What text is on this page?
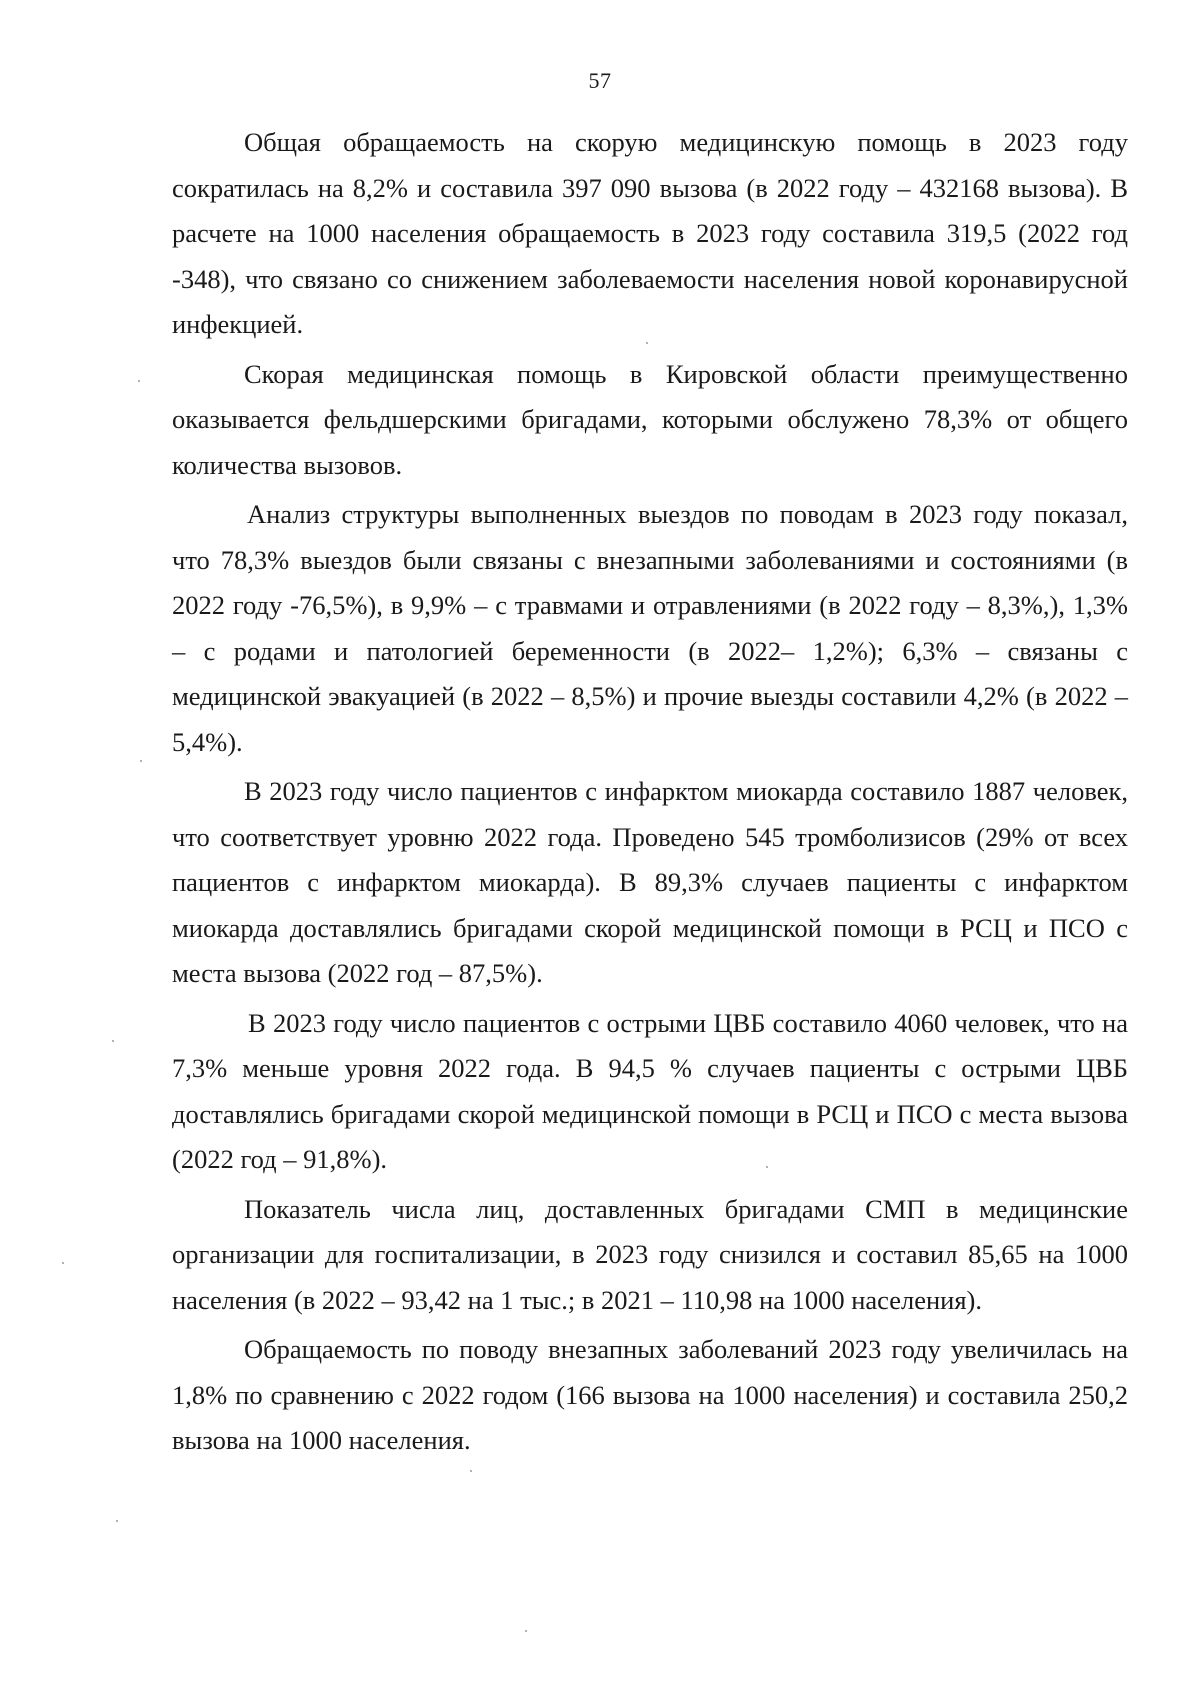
57

Общая обращаемость на скорую медицинскую помощь в 2023 году сократилась на 8,2% и составила 397 090 вызова (в 2022 году – 432168 вызова). В расчете на 1000 населения обращаемость в 2023 году составила 319,5 (2022 год -348), что связано со снижением заболеваемости населения новой коронавирусной инфекцией.

Скорая медицинская помощь в Кировской области преимущественно оказывается фельдшерскими бригадами, которыми обслужено 78,3% от общего количества вызовов.

Анализ структуры выполненных выездов по поводам в 2023 году показал, что 78,3% выездов были связаны с внезапными заболеваниями и состояниями (в 2022 году -76,5%), в 9,9% – с травмами и отравлениями (в 2022 году – 8,3%,), 1,3% – с родами и патологией беременности (в 2022– 1,2%); 6,3% – связаны с медицинской эвакуацией (в 2022 – 8,5%) и прочие выезды составили 4,2% (в 2022 – 5,4%).

В 2023 году число пациентов с инфарктом миокарда составило 1887 человек, что соответствует уровню 2022 года. Проведено 545 тромболизисов (29% от всех пациентов с инфарктом миокарда). В 89,3% случаев пациенты с инфарктом миокарда доставлялись бригадами скорой медицинской помощи в РСЦ и ПСО с места вызова (2022 год – 87,5%).

В 2023 году число пациентов с острыми ЦВБ составило 4060 человек, что на 7,3% меньше уровня 2022 года. В 94,5 % случаев пациенты с острыми ЦВБ доставлялись бригадами скорой медицинской помощи в РСЦ и ПСО с места вызова (2022 год – 91,8%).

Показатель числа лиц, доставленных бригадами СМП в медицинские организации для госпитализации, в 2023 году снизился и составил 85,65 на 1000 населения (в 2022 – 93,42 на 1 тыс.; в 2021 – 110,98 на 1000 населения).

Обращаемость по поводу внезапных заболеваний 2023 году увеличилась на 1,8% по сравнению с 2022 годом (166 вызова на 1000 населения) и составила 250,2 вызова на 1000 населения.
